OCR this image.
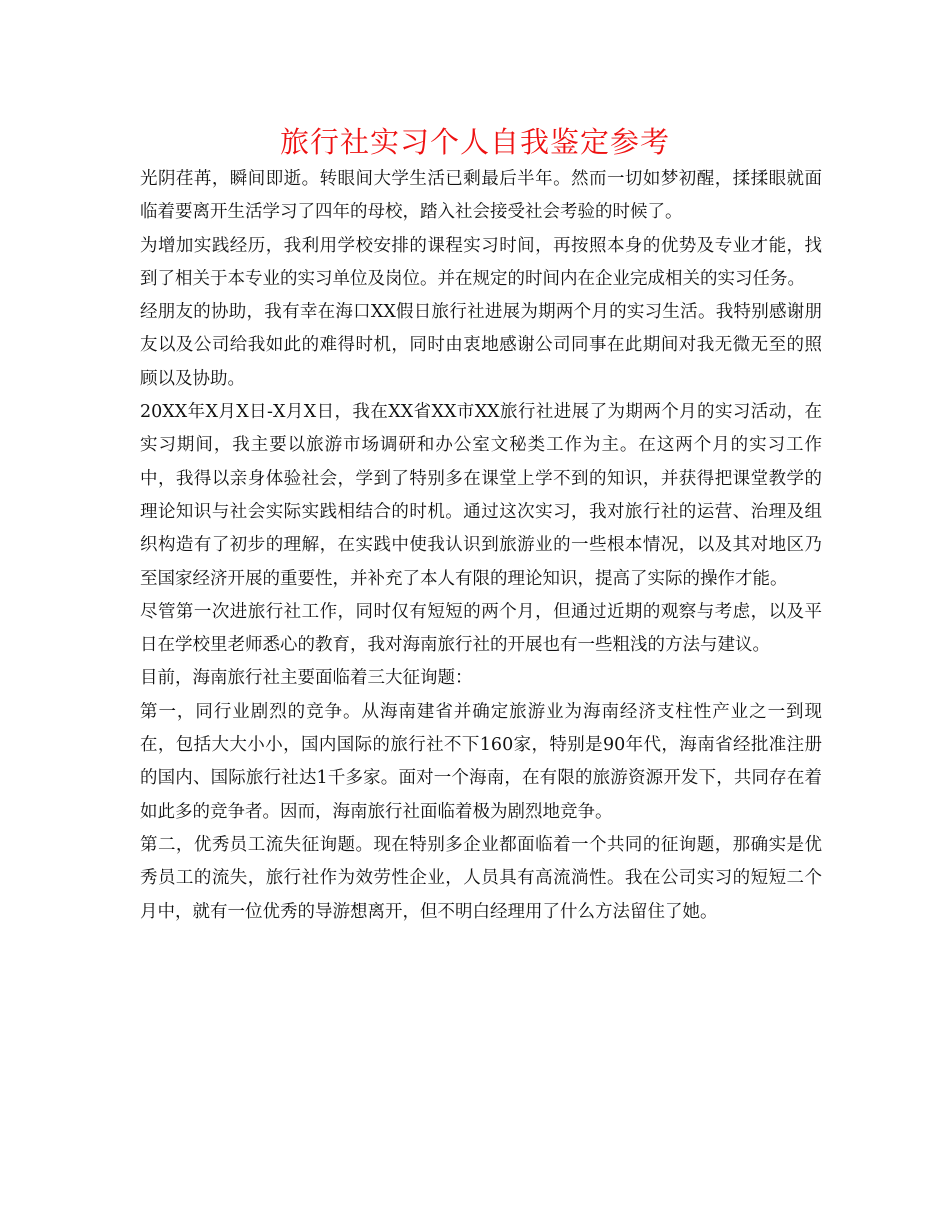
旅行社实习个人自我鉴定参考

光阴荏苒，瞬间即逝。转眼间大学生活已剩最后半年。然而一切如梦初醒，揉揉眼就面临着要离开生活学习了四年的母校，踏入社会接受社会考验的时候了。

为增加实践经历，我利用学校安排的课程实习时间，再按照本身的优势及专业才能，找到了相关于本专业的实习单位及岗位。并在规定的时间内在企业完成相关的实习任务。

经朋友的协助，我有幸在海口XX假日旅行社进展为期两个月的实习生活。我特别感谢朋友以及公司给我如此的难得时机，同时由衷地感谢公司同事在此期间对我无微无至的照顾以及协助。

20XX年X月X日-X月X日，我在XX省XX市XX旅行社进展了为期两个月的实习活动，在实习期间，我主要以旅游市场调研和办公室文秘类工作为主。在这两个月的实习工作中，我得以亲身体验社会，学到了特别多在课堂上学不到的知识，并获得把课堂教学的理论知识与社会实际实践相结合的时机。通过这次实习，我对旅行社的运营、治理及组织构造有了初步的理解，在实践中使我认识到旅游业的一些根本情况，以及其对地区乃至国家经济开展的重要性，并补充了本人有限的理论知识，提高了实际的操作才能。

尽管第一次进旅行社工作，同时仅有短短的两个月，但通过近期的观察与考虑，以及平日在学校里老师悉心的教育，我对海南旅行社的开展也有一些粗浅的方法与建议。

目前，海南旅行社主要面临着三大征询题：

第一，同行业剧烈的竞争。从海南建省并确定旅游业为海南经济支柱性产业之一到现在，包括大大小小，国内国际的旅行社不下160家，特别是90年代，海南省经批准注册的国内、国际旅行社达1千多家。面对一个海南，在有限的旅游资源开发下，共同存在着如此多的竞争者。因而，海南旅行社面临着极为剧烈地竞争。

第二，优秀员工流失征询题。现在特别多企业都面临着一个共同的征询题，那确实是优秀员工的流失，旅行社作为效劳性企业，人员具有高流淌性。我在公司实习的短短二个月中，就有一位优秀的导游想离开，但不明白经理用了什么方法留住了她。
